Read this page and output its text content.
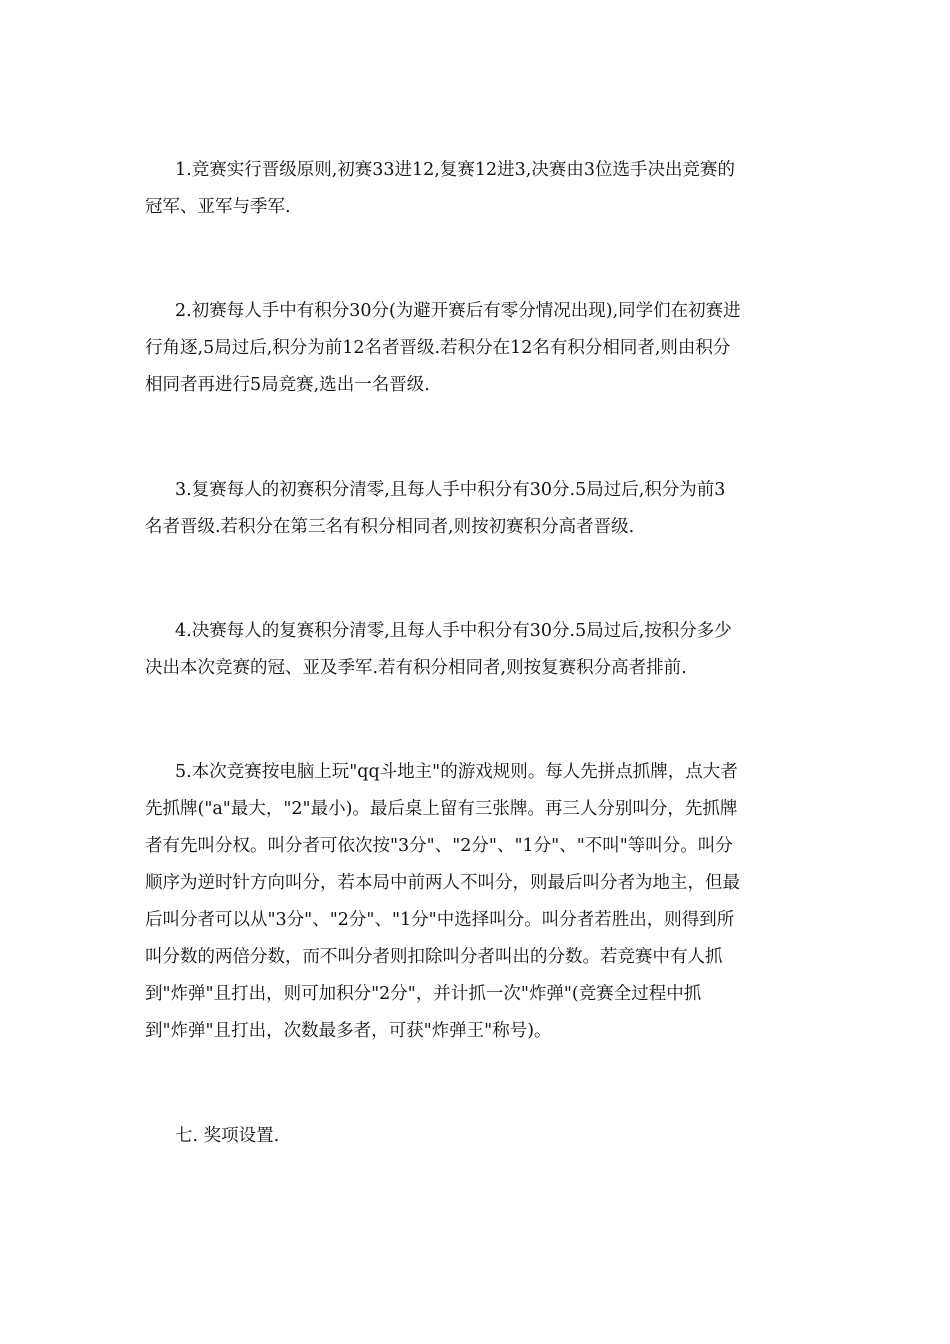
1.竞赛实行晋级原则,初赛33进12,复赛12进3,决赛由3位选手决出竞赛的
冠军、亚军与季军.
2.初赛每人手中有积分30分(为避开赛后有零分情况出现),同学们在初赛进
行角逐,5局过后,积分为前12名者晋级.若积分在12名有积分相同者,则由积分
相同者再进行5局竞赛,选出一名晋级.
3.复赛每人的初赛积分清零,且每人手中积分有30分.5局过后,积分为前3
名者晋级.若积分在第三名有积分相同者,则按初赛积分高者晋级.
4.决赛每人的复赛积分清零,且每人手中积分有30分.5局过后,按积分多少
决出本次竞赛的冠、亚及季军.若有积分相同者,则按复赛积分高者排前.
5.本次竞赛按电脑上玩"qq斗地主"的游戏规则。每人先拼点抓牌，点大者
先抓牌("a"最大，"2"最小)。最后桌上留有三张牌。再三人分别叫分，先抓牌
者有先叫分权。叫分者可依次按"3分"、"2分"、"1分"、"不叫"等叫分。叫分
顺序为逆时针方向叫分，若本局中前两人不叫分，则最后叫分者为地主，但最
后叫分者可以从"3分"、"2分"、"1分"中选择叫分。叫分者若胜出，则得到所
叫分数的两倍分数，而不叫分者则扣除叫分者叫出的分数。若竞赛中有人抓
到"炸弹"且打出，则可加积分"2分"，并计抓一次"炸弹"(竞赛全过程中抓
到"炸弹"且打出，次数最多者，可获"炸弹王"称号)。
七. 奖项设置.
